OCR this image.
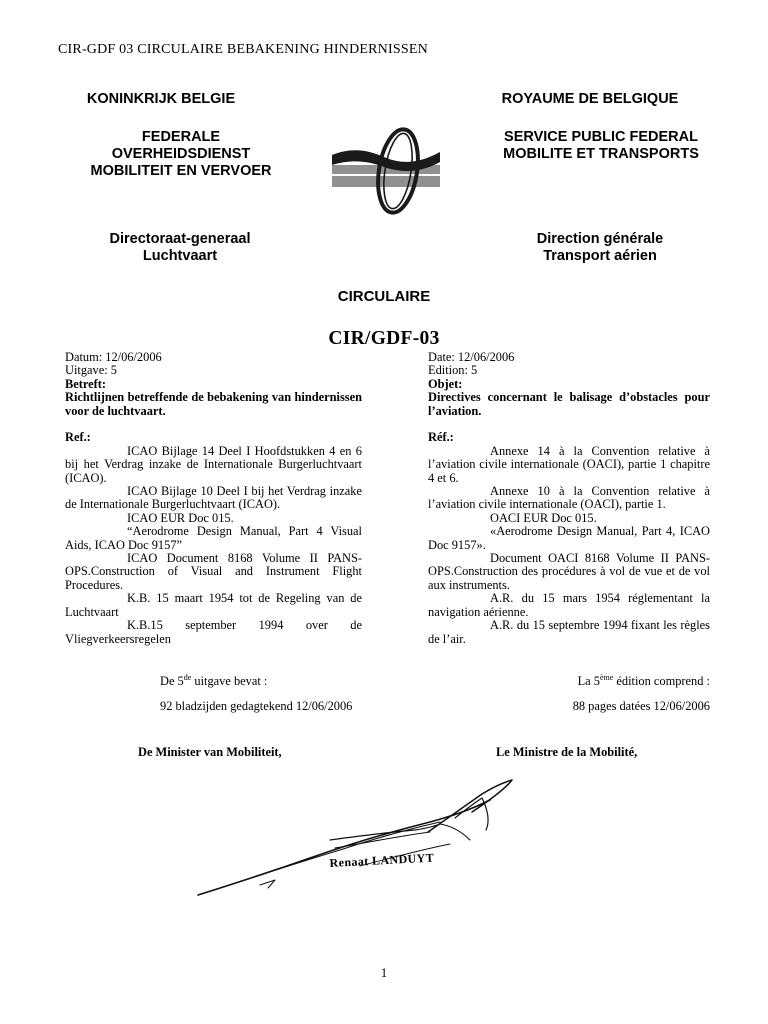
CIR-GDF 03 CIRCULAIRE BEBAKENING HINDERNISSEN
KONINKRIJK BELGIE
FEDERALE
OVERHEIDSDIENST
MOBILITEIT EN VERVOER
Directoraat-generaal
Luchtvaart
ROYAUME DE BELGIQUE
SERVICE PUBLIC FEDERAL
MOBILITE ET TRANSPORTS
Direction générale
Transport aérien
CIRCULAIRE
CIR/GDF-03
Datum: 12/06/2006
Uitgave: 5
Betreft:
Richtlijnen betreffende de bebakening van hindernissen voor de luchtvaart.
Ref.:
ICAO Bijlage 14 Deel I Hoofdstukken 4 en 6 bij het Verdrag inzake de Internationale Burgerluchtvaart (ICAO).
ICAO Bijlage 10 Deel I bij het Verdrag inzake de Internationale Burgerluchtvaart (ICAO).
ICAO EUR Doc 015.
“Aerodrome Design Manual, Part 4 Visual Aids, ICAO Doc 9157”
ICAO Document 8168 Volume II PANS-OPS.Construction of Visual and Instrument Flight Procedures.
K.B. 15 maart 1954 tot de Regeling van de Luchtvaart
K.B.15 september 1994 over de Vliegverkeersregelen
Date: 12/06/2006
Edition: 5
Objet:
Directives concernant le balisage d’obstacles pour l’aviation.
Réf.:
Annexe 14 à la Convention relative à l’aviation civile internationale (OACI), partie 1 chapitre 4 et 6.
Annexe 10 à la Convention relative à l’aviation civile internationale (OACI), partie 1.
OACI EUR Doc 015.
«Aerodrome Design Manual, Part 4, ICAO Doc 9157».
Document OACI 8168 Volume II PANS-OPS.Construction des procédures à vol de vue et de vol aux instruments.
A.R. du 15 mars 1954 réglementant la navigation aérienne.
A.R. du 15 septembre 1994 fixant les règles de l’air.
De 5de uitgave bevat :	La 5ème édition comprend :
92 bladzijden gedagtekend 12/06/2006	88 pages datées 12/06/2006
De Minister van Mobiliteit,	Le Ministre de la Mobilité,
Renaat LANDUYT
1
